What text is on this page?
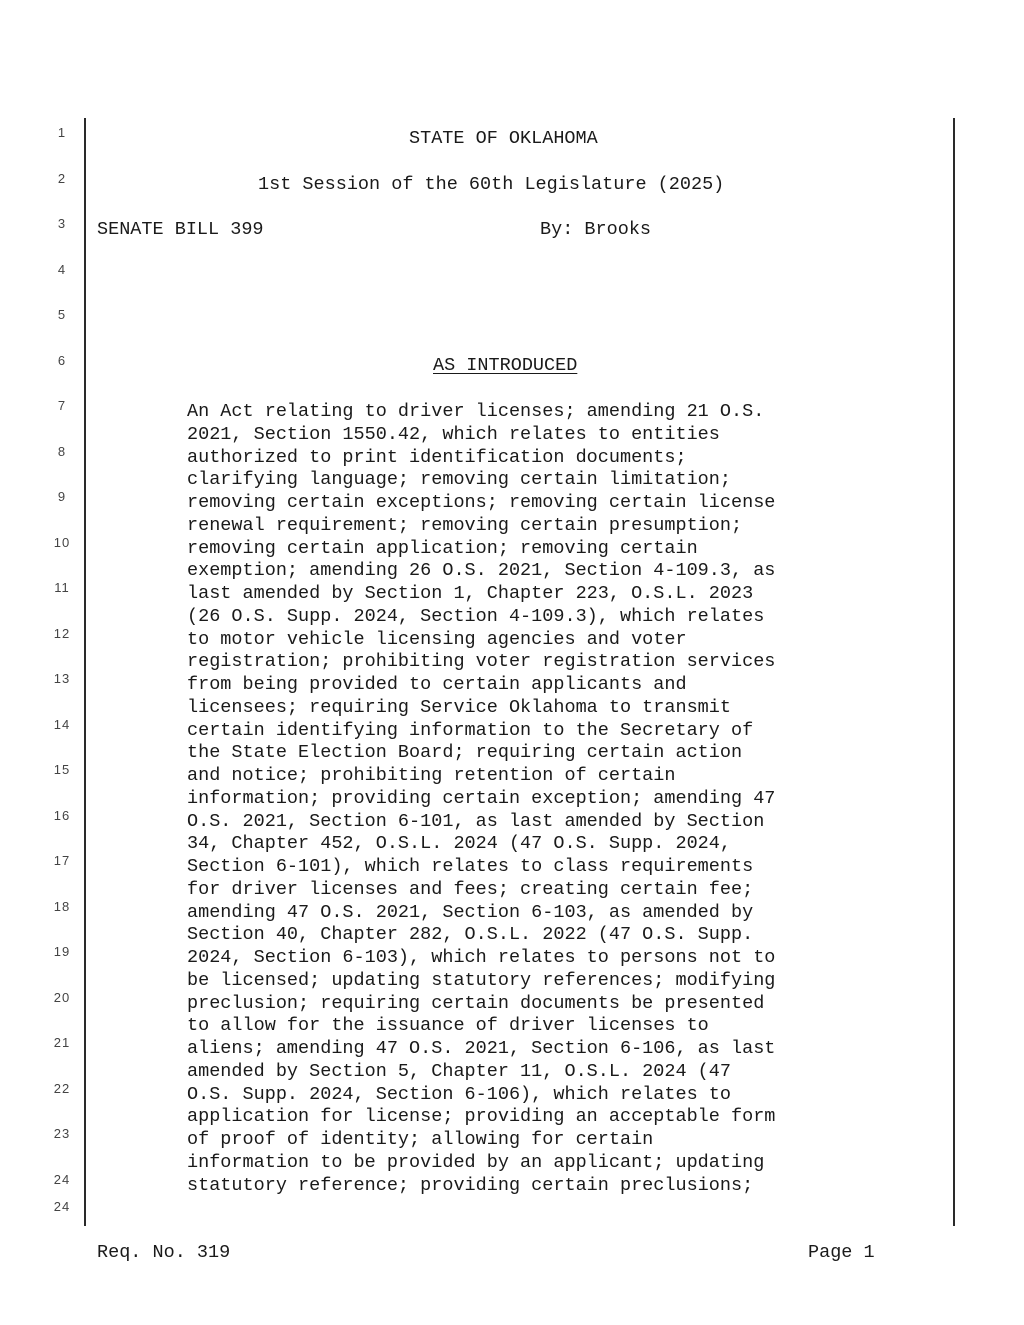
1
2
3
4
5
6
7
8
9
10
11
12
13
14
15
16
17
18
19
20
21
22
23
24
24
STATE OF OKLAHOMA
1st Session of the 60th Legislature (2025)
SENATE BILL 399	By: Brooks
AS INTRODUCED
An Act relating to driver licenses; amending 21 O.S.
2021, Section 1550.42, which relates to entities
authorized to print identification documents;
clarifying language; removing certain limitation;
removing certain exceptions; removing certain license
renewal requirement; removing certain presumption;
removing certain application; removing certain
exemption; amending 26 O.S. 2021, Section 4-109.3, as
last amended by Section 1, Chapter 223, O.S.L. 2023
(26 O.S. Supp. 2024, Section 4-109.3), which relates
to motor vehicle licensing agencies and voter
registration; prohibiting voter registration services
from being provided to certain applicants and
licensees; requiring Service Oklahoma to transmit
certain identifying information to the Secretary of
the State Election Board; requiring certain action
and notice; prohibiting retention of certain
information; providing certain exception; amending 47
O.S. 2021, Section 6-101, as last amended by Section
34, Chapter 452, O.S.L. 2024 (47 O.S. Supp. 2024,
Section 6-101), which relates to class requirements
for driver licenses and fees; creating certain fee;
amending 47 O.S. 2021, Section 6-103, as amended by
Section 40, Chapter 282, O.S.L. 2022 (47 O.S. Supp.
2024, Section 6-103), which relates to persons not to
be licensed; updating statutory references; modifying
preclusion; requiring certain documents be presented
to allow for the issuance of driver licenses to
aliens; amending 47 O.S. 2021, Section 6-106, as last
amended by Section 5, Chapter 11, O.S.L. 2024 (47
O.S. Supp. 2024, Section 6-106), which relates to
application for license; providing an acceptable form
of proof of identity; allowing for certain
information to be provided by an applicant; updating
statutory reference; providing certain preclusions;
Req. No. 319	Page 1
